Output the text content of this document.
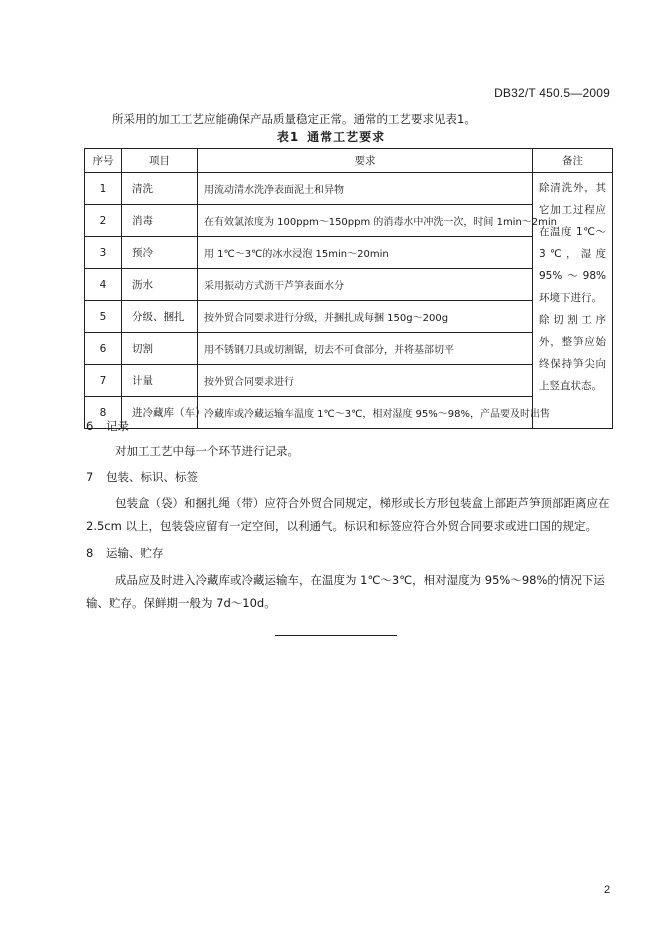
DB32/T 450.5—2009
所采用的加工工艺应能确保产品质量稳定正常。通常的工艺要求见表1。
表1 通常工艺要求
序号	项目	要求	备注
1	清洗	用流动清水洗净表面泥土和异物	除清洗外，其它加工过程应在温度 1℃～3℃，湿度 95%～98%环境下进行。

除切割工序外，整笋应始终保持笋尖向上竖直状态。

2	消毒	在有效氯浓度为 100ppm～150ppm 的消毒水中冲洗一次，时间 1min～2min	
3	预冷	用 1℃～3℃的冰水浸泡 15min～20min	
4	沥水	采用振动方式沥干芦笋表面水分	
5	分级、捆扎	按外贸合同要求进行分级，并捆扎成每捆 150g～200g	
6	切割	用不锈钢刀具或切割锯，切去不可食部分，并将基部切平	
7	计量	按外贸合同要求进行	
8	进冷藏库（车）	冷藏库或冷藏运输车温度 1℃～3℃，相对湿度 95%～98%，产品要及时出售	
6 记录
对加工工艺中每一个环节进行记录。
7 包装、标识、标签
包装盒（袋）和捆扎绳（带）应符合外贸合同规定，梯形或长方形包装盒上部距芦笋顶部距离应在 2.5cm 以上，包装袋应留有一定空间，以利通气。标识和标签应符合外贸合同要求或进口国的规定。
8 运输、贮存
成品应及时进入冷藏库或冷藏运输车，在温度为 1℃～3℃，相对湿度为 95%～98%的情况下运输、贮存。保鲜期一般为 7d～10d。
2
